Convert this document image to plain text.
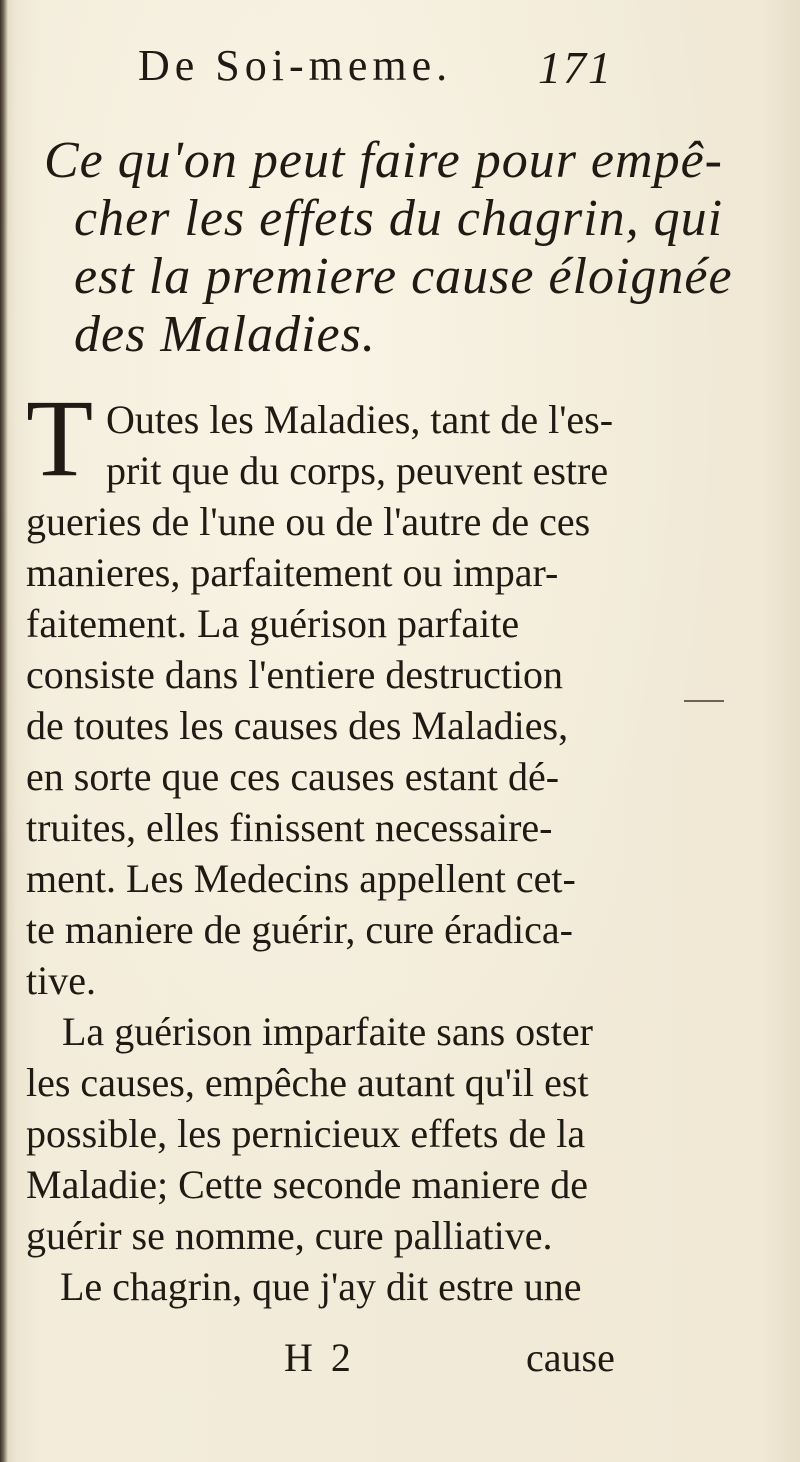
De Soi-meme.	171
Ce qu'on peut faire pour empê-
cher les effets du chagrin, qui
est la premiere cause éloignée
des Maladies.
T Outes les Maladies, tant de l'es-
prit que du corps, peuvent estre
gueries de l'une ou de l'autre de ces
manieres, parfaitement ou impar-
faitement. La guérison parfaite
consiste dans l'entiere destruction
de toutes les causes des Maladies,
en sorte que ces causes estant dé-
truites, elles finissent necessaire-
ment. Les Medecins appellent cet-
te maniere de guérir, cure éradica-
tive.
La guérison imparfaite sans oster
les causes, empêche autant qu'il est
possible, les pernicieux effets de la
Maladie; Cette seconde maniere de
guérir se nomme, cure palliative.
Le chagrin, que j'ay dit estre une
H 2	cause
